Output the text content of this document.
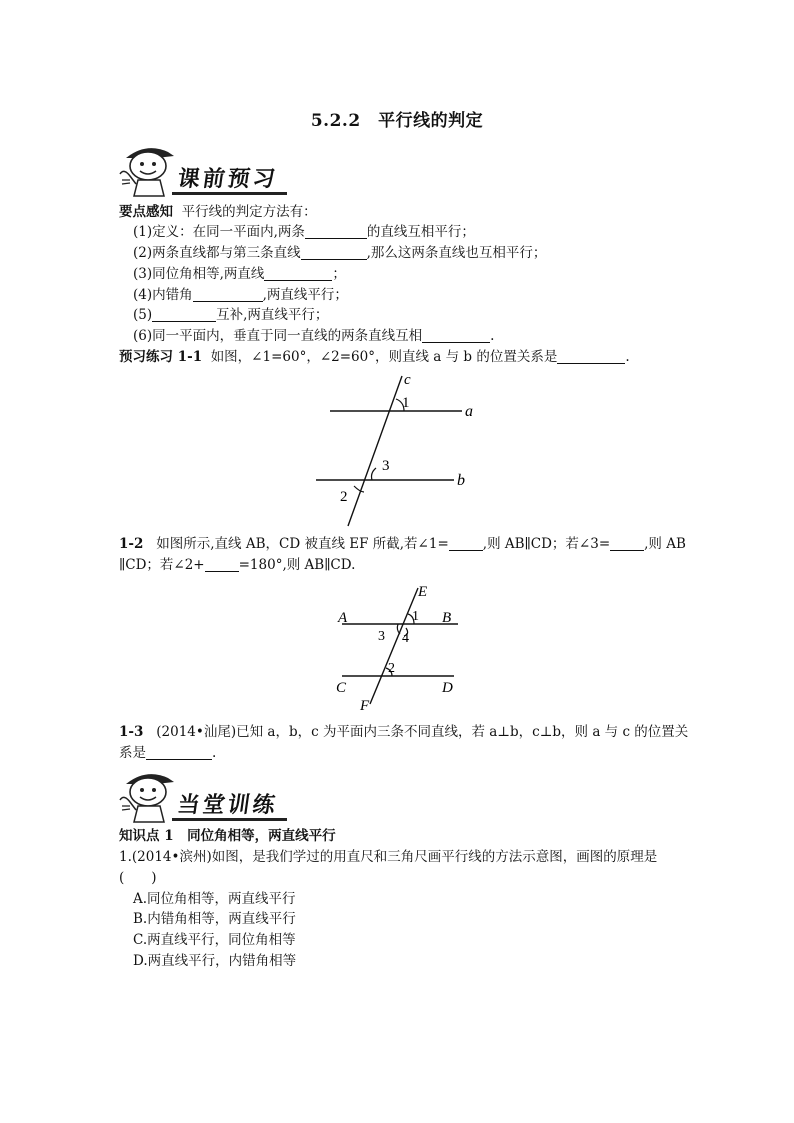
5.2.2　平行线的判定
课前预习
要点感知 平行线的判定方法有：
(1)定义：在同一平面内,两条	的直线互相平行；
(2)两条直线都与第三条直线	,那么这两条直线也互相平行；
(3)同位角相等,两直线	；
(4)内错角	,两直线平行；
(5)	互补,两直线平行；
(6)同一平面内，垂直于同一直线的两条直线互相	.
预习练习 1-1 如图，∠1=60°，∠2=60°，则直线 a 与 b 的位置关系是	.
c
a
b
1
3
2
1-2 如图所示,直线 AB，CD 被直线 EF 所截,若∠1=	,则 AB∥CD；若∠3=	,则 AB
∥CD；若∠2+	=180°,则 AB∥CD.
E
A	B
C	D
F
1
3 4
2
1-3 (2014•汕尾)已知 a，b，c 为平面内三条不同直线，若 a⊥b，c⊥b，则 a 与 c 的位置关
系是	.
当堂训练
知识点 1　同位角相等，两直线平行
1.(2014•滨州)如图，是我们学过的用直尺和三角尺画平行线的方法示意图，画图的原理是
(　　)
A.同位角相等，两直线平行
B.内错角相等，两直线平行
C.两直线平行，同位角相等
D.两直线平行，内错角相等
